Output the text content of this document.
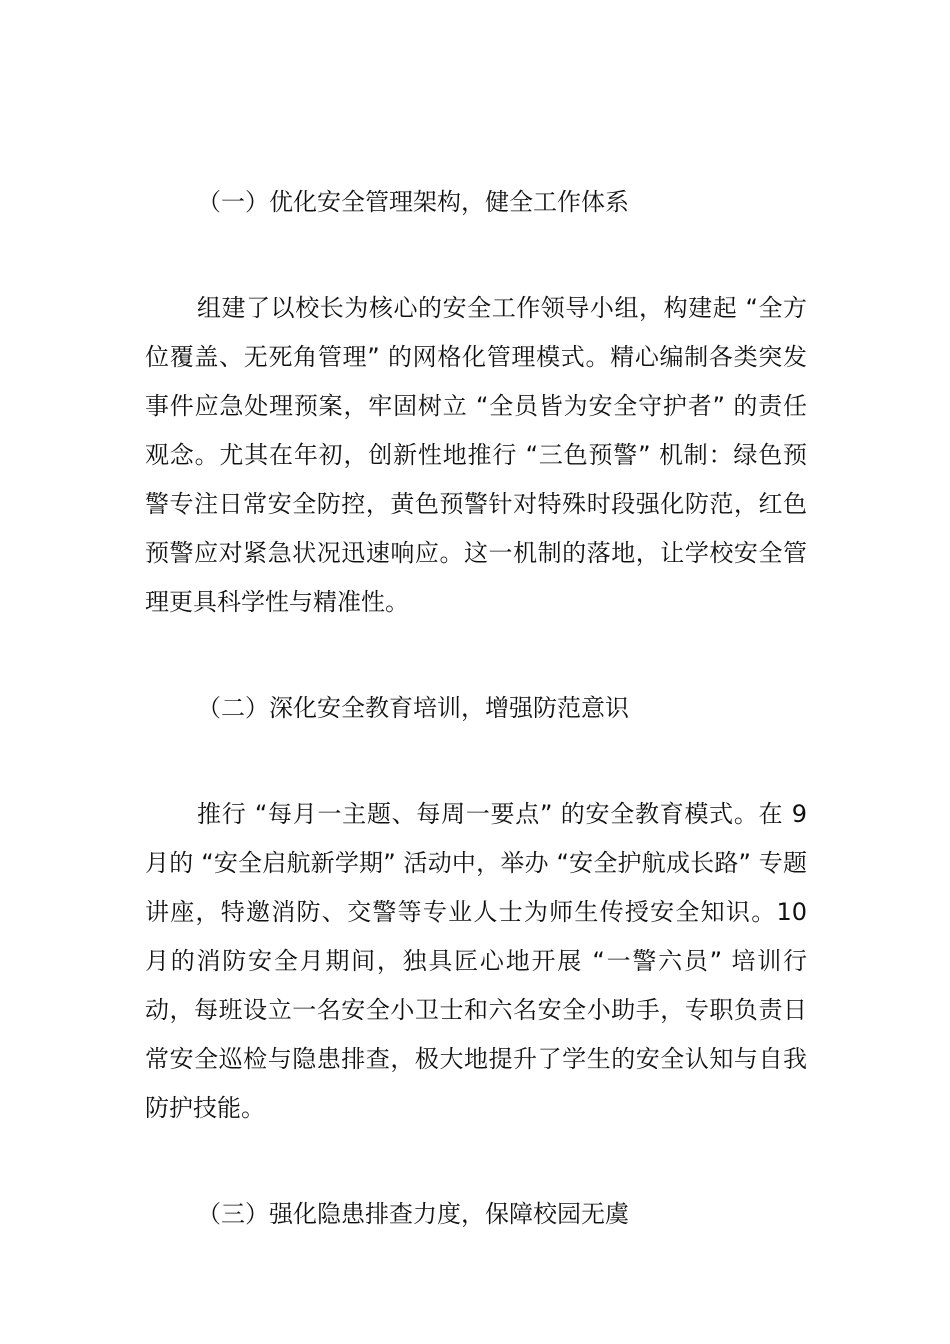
（一）优化安全管理架构，健全工作体系

组建了以校长为核心的安全工作领导小组，构建起 “全方位覆盖、无死角管理” 的网格化管理模式。精心编制各类突发事件应急处理预案，牢固树立 “全员皆为安全守护者” 的责任观念。尤其在年初，创新性地推行 “三色预警” 机制：绿色预警专注日常安全防控，黄色预警针对特殊时段强化防范，红色预警应对紧急状况迅速响应。这一机制的落地，让学校安全管理更具科学性与精准性。

（二）深化安全教育培训，增强防范意识

推行 “每月一主题、每周一要点” 的安全教育模式。在 9 月的 “安全启航新学期” 活动中，举办 “安全护航成长路” 专题讲座，特邀消防、交警等专业人士为师生传授安全知识。10 月的消防安全月期间，独具匠心地开展 “一警六员” 培训行动，每班设立一名安全小卫士和六名安全小助手，专职负责日常安全巡检与隐患排查，极大地提升了学生的安全认知与自我防护技能。

（三）强化隐患排查力度，保障校园无虞
